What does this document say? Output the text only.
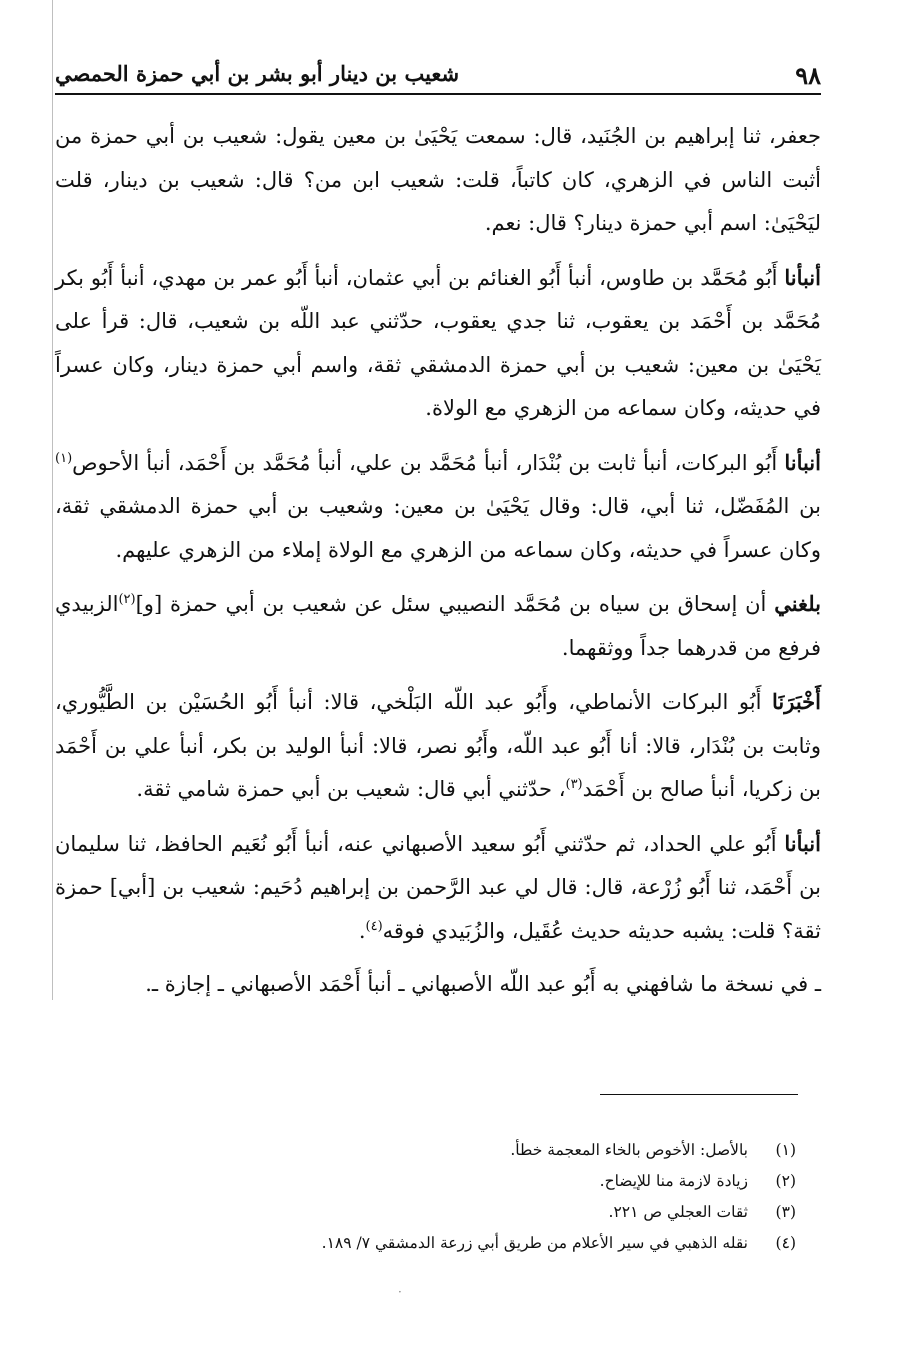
٩٨
شعيب بن دينار أبو بشر بن أبي حمزة الحمصي

جعفر، ثنا إبراهيم بن الجُنَيد، قال: سمعت يَحْيَىٰ بن معين يقول: شعيب بن أبي حمزة من أثبت الناس في الزهري، كان كاتباً، قلت: شعيب ابن من؟ قال: شعيب بن دينار، قلت ليَحْيَىٰ: اسم أبي حمزة دينار؟ قال: نعم.

أنبأنا أَبُو مُحَمَّد بن طاوس، أنبأ أَبُو الغنائم بن أبي عثمان، أنبأ أَبُو عمر بن مهدي، أنبأ أَبُو بكر مُحَمَّد بن أَحْمَد بن يعقوب، ثنا جدي يعقوب، حدّثني عبد اللّه بن شعيب، قال: قرأ على يَحْيَىٰ بن معين: شعيب بن أبي حمزة الدمشقي ثقة، واسم أبي حمزة دينار، وكان عسراً في حديثه، وكان سماعه من الزهري مع الولاة.

أنبأنا أَبُو البركات، أنبأ ثابت بن بُنْدَار، أنبأ مُحَمَّد بن علي، أنبأ مُحَمَّد بن أَحْمَد، أنبأ الأحوص$^{(١)}$ بن المُفَضّل، ثنا أبي، قال: وقال يَحْيَىٰ بن معين: وشعيب بن أبي حمزة الدمشقي ثقة، وكان عسراً في حديثه، وكان سماعه من الزهري مع الولاة إملاء من الزهري عليهم.

بلغني أن إسحاق بن سياه بن مُحَمَّد النصيبي سئل عن شعيب بن أبي حمزة [و]$^{(٢)}$الزبيدي فرفع من قدرهما جداً ووثقهما.

أَخْبَرَنَا أَبُو البركات الأنماطي، وأَبُو عبد اللّه البَلْخي، قالا: أنبأ أَبُو الحُسَيْن بن الطَّيُّوري، وثابت بن بُنْدَار، قالا: أنا أَبُو عبد اللّه، وأَبُو نصر، قالا: أنبأ الوليد بن بكر، أنبأ علي بن أَحْمَد بن زكريا، أنبأ صالح بن أَحْمَد$^{(٣)}$، حدّثني أبي قال: شعيب بن أبي حمزة شامي ثقة.

أنبأنا أَبُو علي الحداد، ثم حدّثني أَبُو سعيد الأصبهاني عنه، أنبأ أَبُو نُعَيم الحافظ، ثنا سليمان بن أَحْمَد، ثنا أَبُو زُرْعة، قال: قال لي عبد الرَّحمن بن إبراهيم دُحَيم: شعيب بن [أبي] حمزة ثقة؟ قلت: يشبه حديثه حديث عُقَيل، والزُبَيدي فوقه$^{(٤)}$.

ـ في نسخة ما شافهني به أَبُو عبد اللّه الأصبهاني ـ أنبأ أَحْمَد الأصبهاني ـ إجازة ـ.

(١)
بالأصل: الأخوص بالخاء المعجمة خطأ.
(٢)
زيادة لازمة منا للإيضاح.
(٣)
ثقات العجلي ص ٢٢١.
(٤)
نقله الذهبي في سير الأعلام من طريق أبي زرعة الدمشقي ٧/ ١٨٩.
·
